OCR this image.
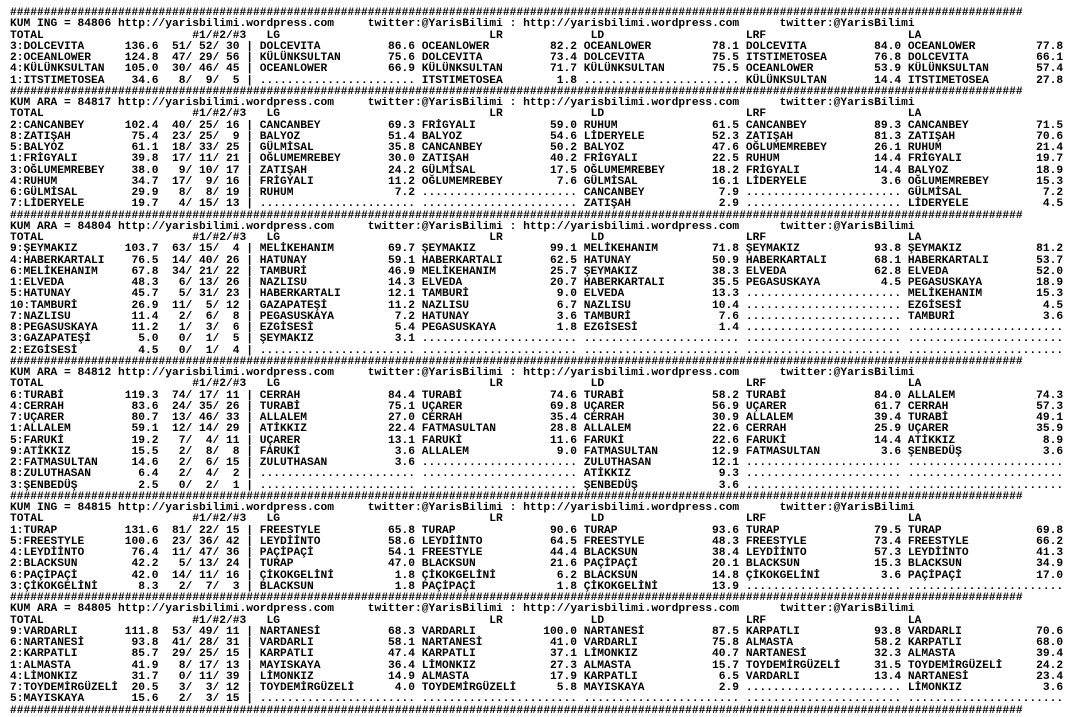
######################################################################################################################################################
KUM ING = 84806 http://yarisbilimi.wordpress.com	twitter:@YarisBilimi : http://yarisbilimi.wordpress.com	twitter:@YarisBilimi
TOTAL	#1/#2/#3 LG	LR	LD	LRF	LA
3:DOLCEVITA	136.6 51/ 52/ 30 | DOLCEVITA	86.6 OCEANLOWER	82.2 OCEANLOWER	78.1 DOLCEVITA	84.0 OCEANLOWER	77.8
2:OCEANLOWER	124.8 47/ 29/ 56 | KÜLÜNKSULTAN	75.6 DOLCEVITA	73.4 DOLCEVITA	75.5 ITSTIMETOSEA	76.8 DOLCEVITA	66.1
4:KÜLÜNKSULTAN 105.0 30/ 46/ 45 | OCEANLOWER	66.9 KÜLÜNKSULTAN	71.7 KÜLÜNKSULTAN	75.5 OCEANLOWER	53.9 KÜLÜNKSULTAN	57.4
1:ITSTIMETOSEA 34.6 8/ 9/ 5 | ....................... ITSTIMETOSEA	1.8 ....................... KÜLÜNKSULTAN	14.4 ITSTIMETOSEA	27.8
######################################################################################################################################################
KUM ARA = 84817 http://yarisbilimi.wordpress.com	twitter:@YarisBilimi : http://yarisbilimi.wordpress.com	twitter:@YarisBilimi
TOTAL	#1/#2/#3 LG	LR	LD	LRF	LA
2:CANCANBEY	102.4 40/ 25/ 16 | CANCANBEY	69.3 FRİGYALI	59.0 RUHUM	61.5 CANCANBEY	89.3 CANCANBEY	71.5
8:ZATIŞAH	75.4 23/ 25/ 9 | BALYOZ	51.4 BALYOZ	54.6 LİDERYELE	52.3 ZATIŞAH	81.3 ZATIŞAH	70.6
5:BALYOZ	61.1 18/ 33/ 25 | GÜLMİSAL	35.8 CANCANBEY	50.2 BALYOZ	47.6 OĞLUMEMREBEY	26.1 RUHUM	21.4
1:FRİGYALI	39.8 17/ 11/ 21 | OĞLUMEMREBEY	30.0 ZATIŞAH	40.2 FRİGYALI	22.5 RUHUM	14.4 FRİGYALI	19.7
3:OĞLUMEMREBEY 38.0 9/ 10/ 17 | ZATIŞAH	24.2 GÜLMİSAL	17.5 OĞLUMEMREBEY	18.2 FRİGYALI	14.4 BALYOZ	18.9
4:RUHUM	34.7 17/ 9/ 16 | FRİGYALI	11.2 OĞLUMEMREBEY	7.6 GÜLMİSAL	16.1 LİDERYELE	3.6 OĞLUMEMREBEY	15.3
6:GÜLMİSAL	29.9 8/ 8/ 19 | RUHUM	7.2 ....................... CANCANBEY	7.9 ....................... GÜLMİSAL	7.2
7:LİDERYELE	19.7 4/ 15/ 13 | ....................... ....................... ZATIŞAH	2.9 ....................... LİDERYELE	4.5
######################################################################################################################################################
KUM ARA = 84804 http://yarisbilimi.wordpress.com	twitter:@YarisBilimi : http://yarisbilimi.wordpress.com	twitter:@YarisBilimi
TOTAL	#1/#2/#3 LG	LR	LD	LRF	LA
9:ŞEYMAKIZ	103.7 63/ 15/ 4 | MELİKEHANIM	69.7 ŞEYMAKIZ	99.1 MELİKEHANIM	71.8 ŞEYMAKIZ	93.8 ŞEYMAKIZ	81.2
4:HABERKARTALI 76.5 14/ 40/ 26 | HATUNAY	59.1 HABERKARTALI	62.5 HATUNAY	50.9 HABERKARTALI	68.1 HABERKARTALI	53.7
6:MELİKEHANIM	67.8 34/ 21/ 22 | TAMBURİ	46.9 MELİKEHANIM	25.7 ŞEYMAKIZ	38.3 ELVEDA	62.8 ELVEDA	52.0
1:ELVEDA	48.3 6/ 13/ 26 | NAZLISU	14.3 ELVEDA	20.7 HABERKARTALI	35.5 PEGASUSKAYA	4.5 PEGASUSKAYA	18.9
5:HATUNAY	45.7 5/ 31/ 23 | HABERKARTALI	12.1 TAMBURİ	9.0 ELVEDA	13.3 ....................... MELİKEHANIM	15.3
10:TAMBURİ	26.9 11/ 5/ 12 | GAZAPATEŞİ	11.2 NAZLISU	6.7 NAZLISU	10.4 ....................... EZGİSESİ	4.5
7:NAZLISU	11.4 2/ 6/ 8 | PEGASUSKAYA	7.2 HATUNAY	3.6 TAMBURİ	7.6 ....................... TAMBURİ	3.6
8:PEGASUSKAYA	11.2 1/ 3/ 6 | EZGİSESİ	5.4 PEGASUSKAYA	1.8 EZGİSESİ	1.4 ....................... .......................
3:GAZAPATEŞİ	5.0 0/ 1/ 5 | ŞEYMAKIZ	3.1 ....................... ....................... ....................... .......................
2:EZGİSESİ	4.5 0/ 1/ 4 | ....................... ....................... ....................... ....................... .......................
######################################################################################################################################################
KUM ARA = 84812 http://yarisbilimi.wordpress.com	twitter:@YarisBilimi : http://yarisbilimi.wordpress.com	twitter:@YarisBilimi
TOTAL	#1/#2/#3 LG	LR	LD	LRF	LA
6:TURABİ	119.3 74/ 17/ 11 | CERRAH	84.4 TURABİ	74.6 TURABİ	58.2 TURABİ	84.0 ALLALEM	74.3
4:CERRAH	83.6 24/ 35/ 26 | TURABİ	75.1 UÇARER	69.8 UÇARER	56.9 UÇARER	61.7 CERRAH	57.3
7:UÇARER	80.7 13/ 46/ 33 | ALLALEM	27.0 CERRAH	35.4 CERRAH	30.9 ALLALEM	39.4 TURABİ	49.1
1:ALLALEM	59.1 12/ 14/ 29 | ATİKKIZ	22.4 FATMASULTAN	28.8 ALLALEM	22.6 CERRAH	25.9 UÇARER	35.9
5:FARUKİ	19.2 7/ 4/ 11 | UÇARER	13.1 FARUKİ	11.6 FARUKİ	22.6 FARUKİ	14.4 ATİKKIZ	8.9
9:ATİKKIZ	15.5 2/ 8/ 8 | FARUKİ	3.6 ALLALEM	9.0 FATMASULTAN	12.9 FATMASULTAN	3.6 ŞENBEDÜŞ	3.6
2:FATMASULTAN	14.6 2/ 6/ 15 | ZULUTHASAN	3.6 ....................... ZULUTHASAN	12.1 ....................... .......................
8:ZULUTHASAN	6.4 2/ 4/ 2 | ....................... ....................... ATİKKIZ	9.3 ....................... .......................
3:ŞENBEDÜŞ	2.5 0/ 2/ 1 | ....................... ....................... ŞENBEDÜŞ	3.6 ....................... .......................
######################################################################################################################################################
KUM ING = 84815 http://yarisbilimi.wordpress.com	twitter:@YarisBilimi : http://yarisbilimi.wordpress.com	twitter:@YarisBilimi
TOTAL	#1/#2/#3 LG	LR	LD	LRF	LA
1:TURAP	131.6 81/ 22/ 15 | FREESTYLE	65.8 TURAP	90.6 TURAP	93.6 TURAP	79.5 TURAP	69.8
5:FREESTYLE	100.6 23/ 36/ 42 | LEYDİİNTO	58.6 LEYDİİNTO	64.5 FREESTYLE	48.3 FREESTYLE	73.4 FREESTYLE	66.2
4:LEYDİİNTO	76.4 11/ 47/ 36 | PAÇİPAÇİ	54.1 FREESTYLE	44.4 BLACKSUN	38.4 LEYDİİNTO	57.3 LEYDİİNTO	41.3
2:BLACKSUN	42.2 5/ 13/ 24 | TURAP	47.0 BLACKSUN	21.6 PAÇİPAÇİ	20.1 BLACKSUN	15.3 BLACKSUN	34.9
6:PAÇİPAÇİ	42.0 14/ 11/ 16 | ÇİKOKGELİNİ	1.8 ÇİKOKGELİNİ	6.2 BLACKSUN	14.8 ÇİKOKGELİNİ	3.6 PAÇİPAÇİ	17.0
3:ÇİKOKGELİNİ	8.3 2/ 7/ 3 | BLACKSUN	1.8 PAÇİPAÇİ	1.8 ÇİKOKGELİNİ	13.9 ....................... .......................
######################################################################################################################################################
KUM ARA = 84805 http://yarisbilimi.wordpress.com	twitter:@YarisBilimi : http://yarisbilimi.wordpress.com	twitter:@YarisBilimi
TOTAL	#1/#2/#3 LG	LR	LD	LRF	LA
9:VARDARLI	111.8 53/ 49/ 11 | NARTANESİ	68.3 VARDARLI	100.0 NARTANESİ	87.5 KARPATLI	93.8 VARDARLI	70.6
6:NARTANESİ	93.8 41/ 28/ 31 | VARDARLI	58.1 NARTANESİ	41.0 VARDARLI	75.8 ALMASTA	58.2 KARPATLI	68.0
2:KARPATLI	85.7 29/ 25/ 15 | KARPATLI	47.4 KARPATLI	37.1 LİMONKIZ	40.7 NARTANESİ	32.3 ALMASTA	39.4
1:ALMASTA	41.9 8/ 17/ 13 | MAYISKAYA	36.4 LİMONKIZ	27.3 ALMASTA	15.7 TOYDEMİRGÜZELİ	31.5 TOYDEMİRGÜZELİ	24.2
4:LİMONKIZ	31.7 0/ 11/ 39 | LİMONKIZ	14.9 ALMASTA	17.9 KARPATLI	6.5 VARDARLI	13.4 NARTANESİ	23.4
7:TOYDEMİRGÜZELİ 20.5 3/ 3/ 12 | TOYDEMİRGÜZELİ	4.0 TOYDEMİRGÜZELİ	5.8 MAYISKAYA	2.9 ....................... LİMONKIZ	3.6
5:MAYISKAYA	15.6 2/ 3/ 15 | ....................... ....................... ....................... ....................... .......................
######################################################################################################################################################
